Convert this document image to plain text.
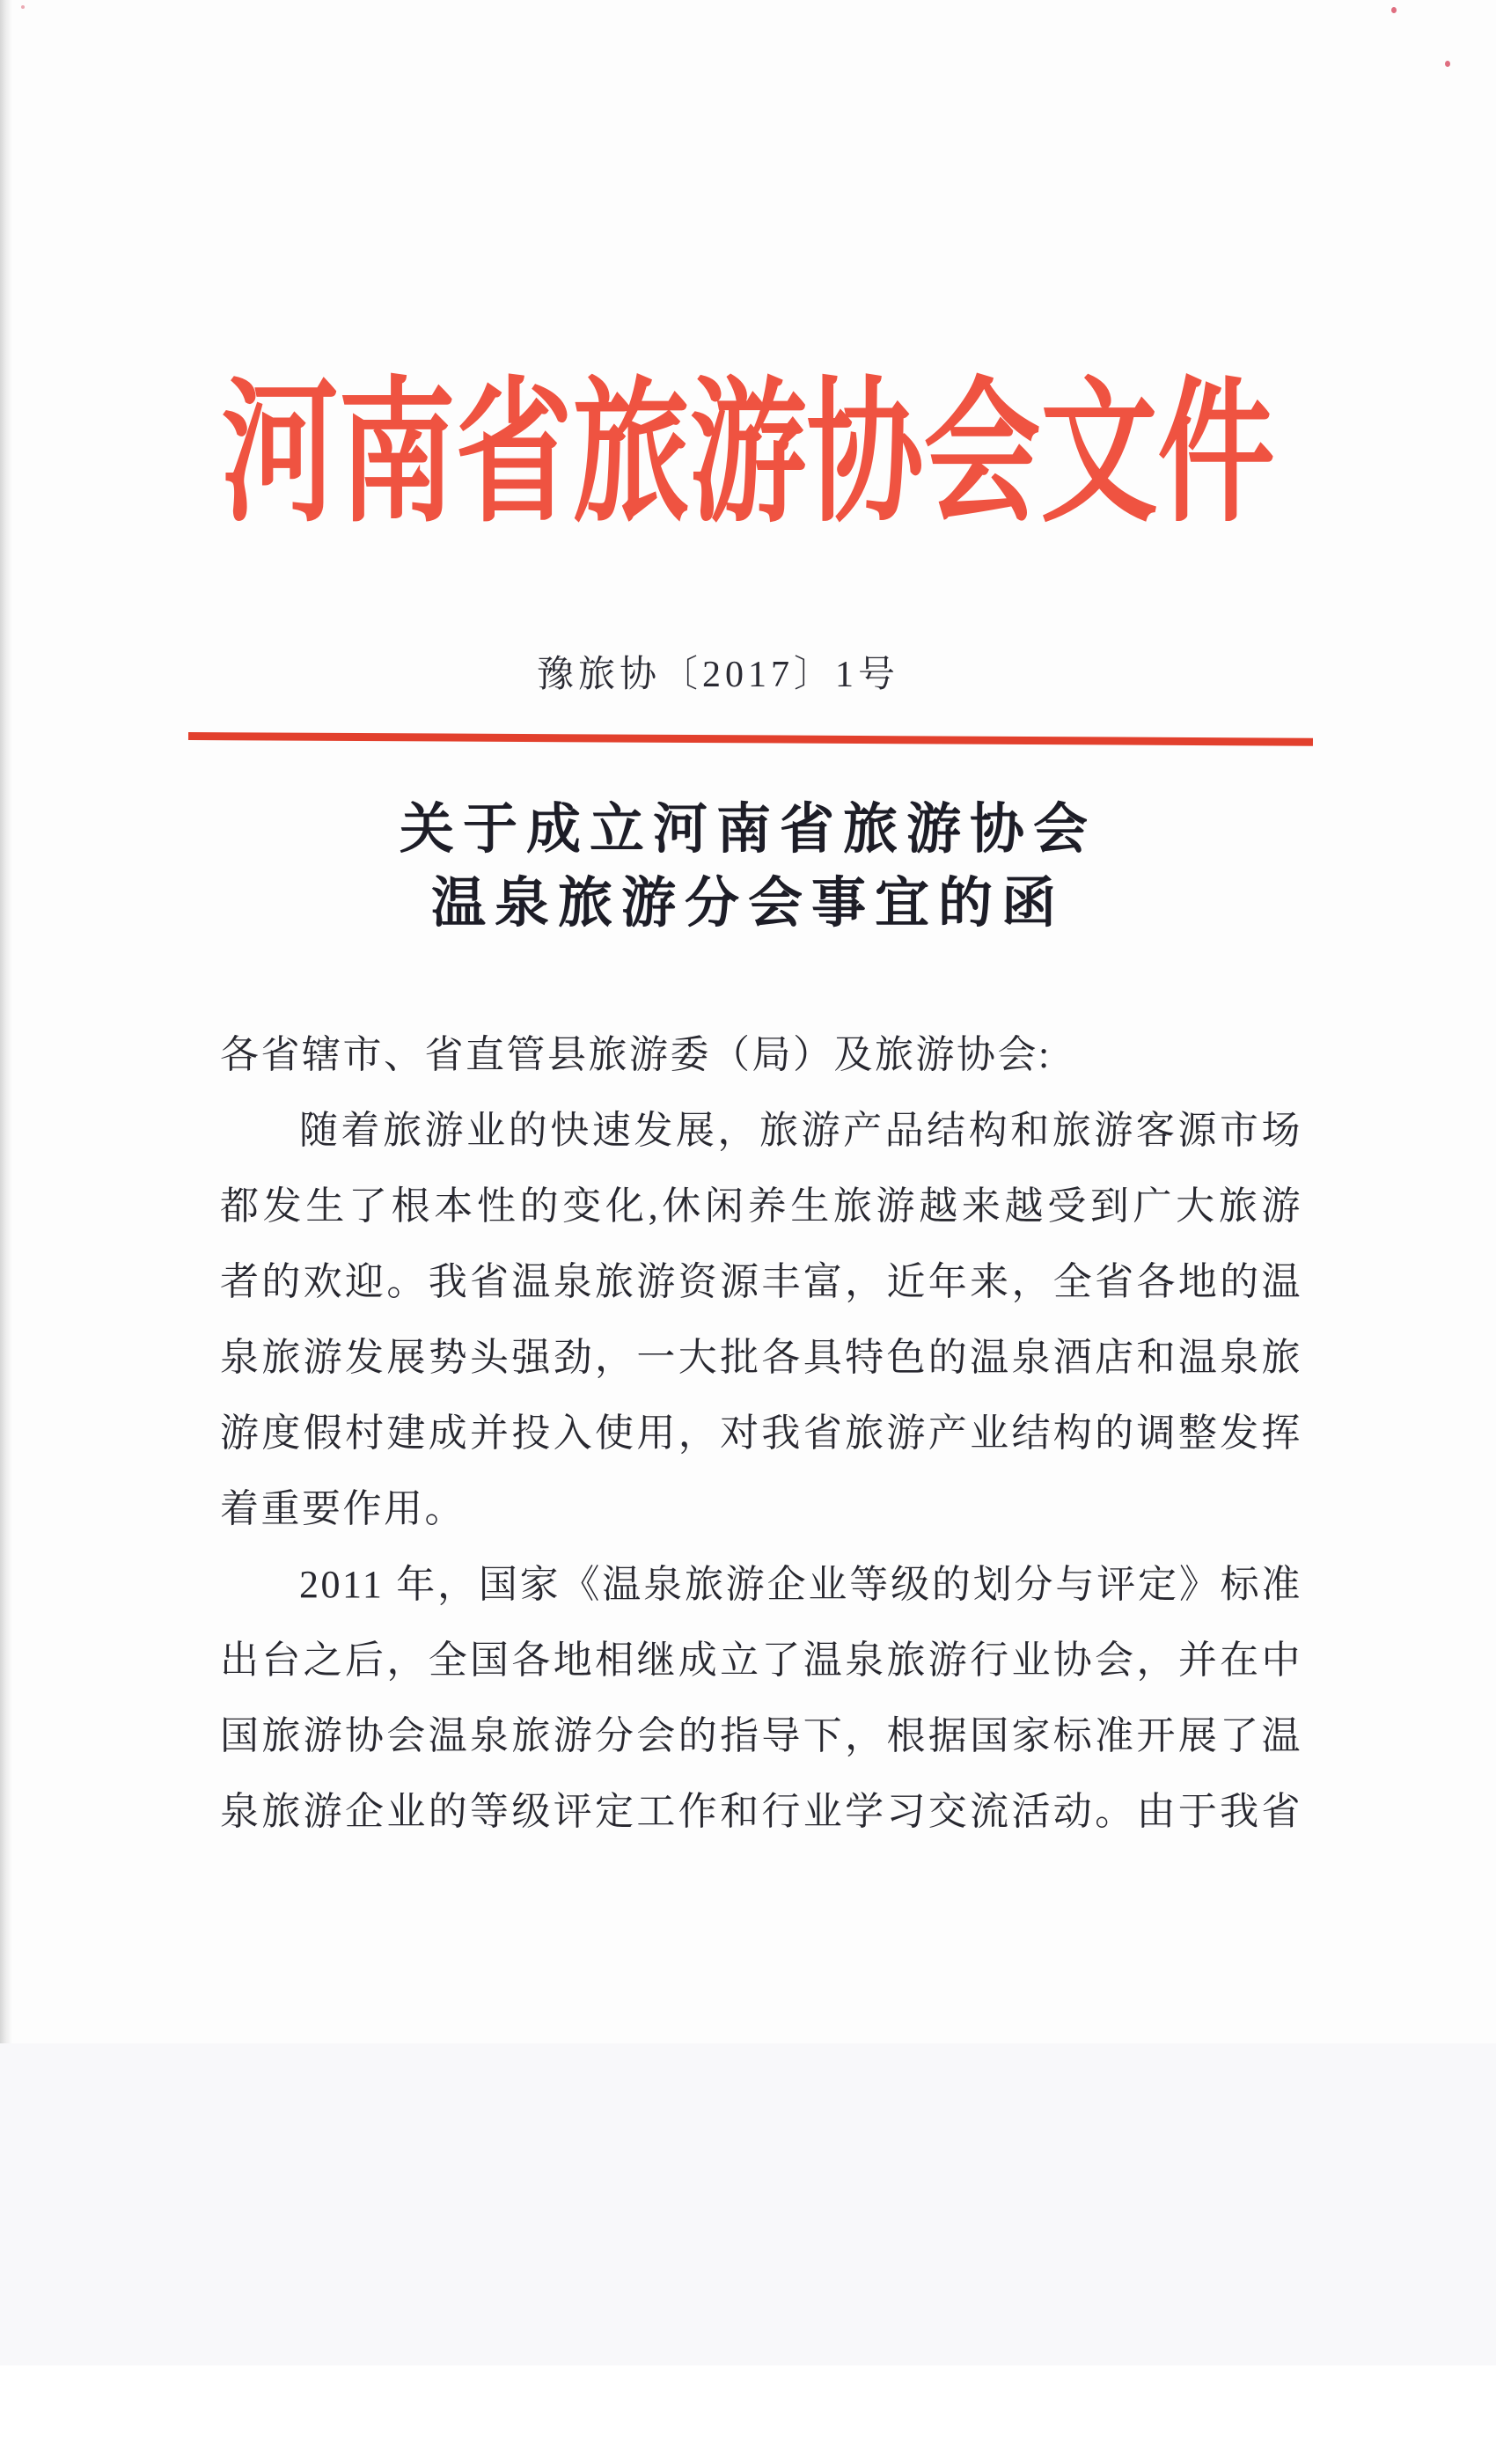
河南省旅游协会文件
豫旅协〔2017〕1号
关于成立河南省旅游协会
温泉旅游分会事宜的函
各省辖市、省直管县旅游委（局）及旅游协会:
随着旅游业的快速发展，旅游产品结构和旅游客源市场
都发生了根本性的变化,休闲养生旅游越来越受到广大旅游
者的欢迎。我省温泉旅游资源丰富，近年来，全省各地的温
泉旅游发展势头强劲，一大批各具特色的温泉酒店和温泉旅
游度假村建成并投入使用，对我省旅游产业结构的调整发挥
着重要作用。
2011 年，国家《温泉旅游企业等级的划分与评定》标准
出台之后，全国各地相继成立了温泉旅游行业协会，并在中
国旅游协会温泉旅游分会的指导下，根据国家标准开展了温
泉旅游企业的等级评定工作和行业学习交流活动。由于我省
